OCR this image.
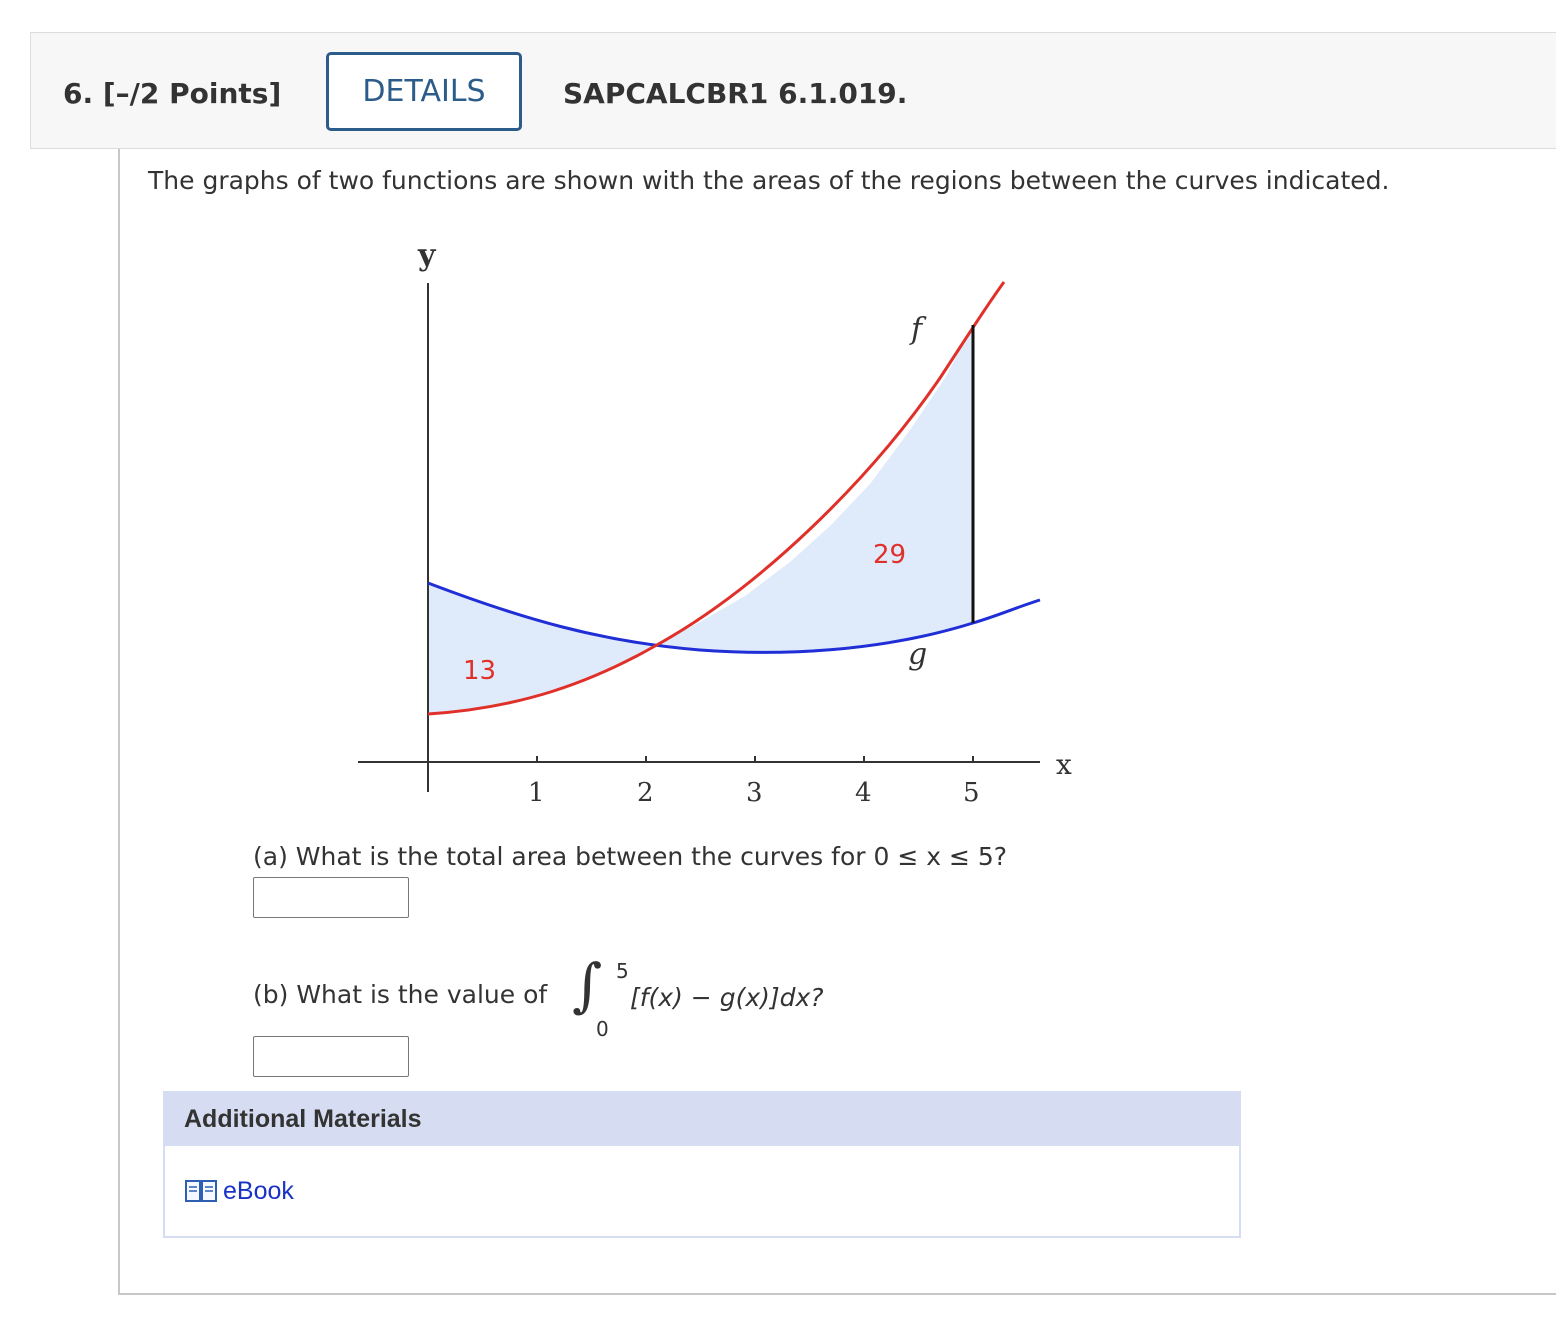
6. [–/2 Points]	DETAILS	SAPCALCBR1 6.1.019.
The graphs of two functions are shown with the areas of the regions between the curves indicated.
y
x
1	2	3	4	5
f
g
13
29
(a) What is the total area between the curves for 0 ≤ x ≤ 5?
(b) What is the value of ∫ 5
0
[f(x) − g(x)]dx?
Additional Materials
eBook
